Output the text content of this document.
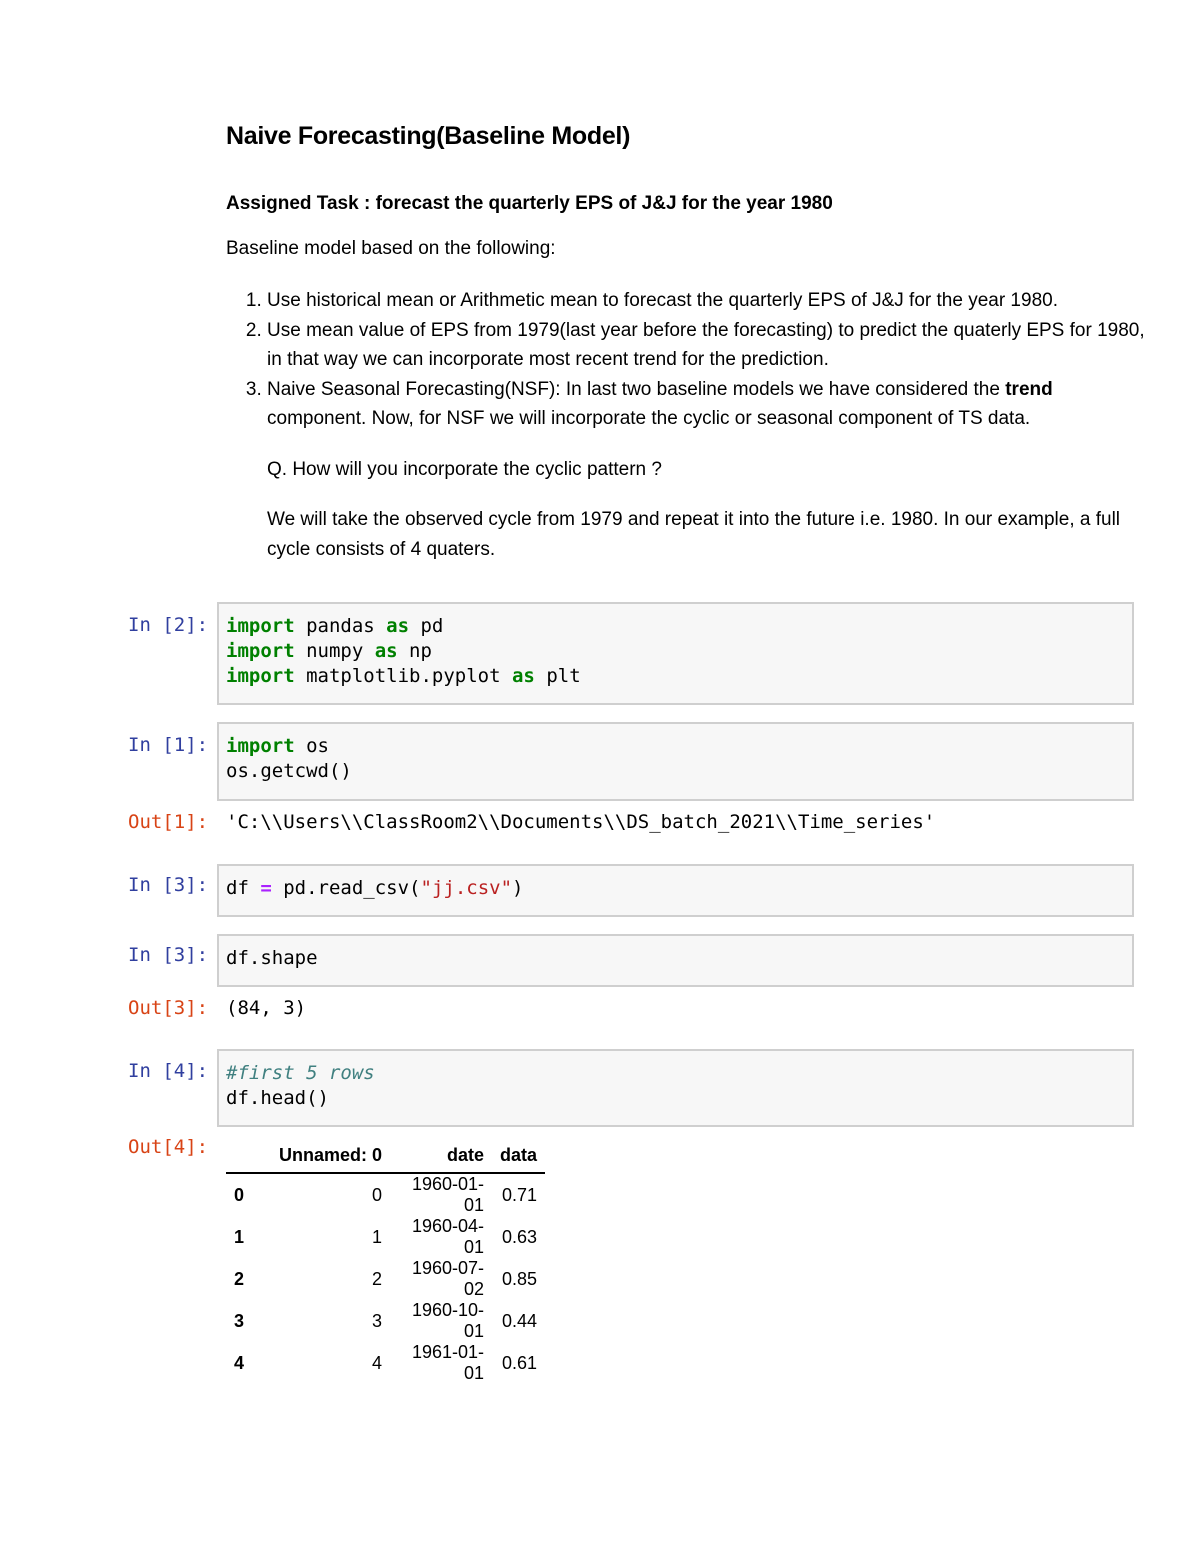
Naive Forecasting(Baseline Model)
Assigned Task : forecast the quarterly EPS of J&J for the year 1980
Baseline model based on the following:
1. Use historical mean or Arithmetic mean to forecast the quarterly EPS of J&J for the year 1980.
2. Use mean value of EPS from 1979(last year before the forecasting) to predict the quaterly EPS for 1980, in that way we can incorporate most recent trend for the prediction.
3. Naive Seasonal Forecasting(NSF): In last two baseline models we have considered the trend component. Now, for NSF we will incorporate the cyclic or seasonal component of TS data.
Q. How will you incorporate the cyclic pattern ?
We will take the observed cycle from 1979 and repeat it into the future i.e. 1980. In our example, a full cycle consists of 4 quaters.
In [2]: import pandas as pd
import numpy as np
import matplotlib.pyplot as plt
In [1]: import os
os.getcwd()
Out[1]: 'C:\\Users\\ClassRoom2\\Documents\\DS_batch_2021\\Time_series'
In [3]: df = pd.read_csv("jj.csv")
In [3]: df.shape
Out[3]: (84, 3)
In [4]: #first 5 rows
df.head()
Out[4]:
		Unnamed: 0	date	data
0	0	1960-01-01	0.71
1	1	1960-04-01	0.63
2	2	1960-07-02	0.85
3	3	1960-10-01	0.44
4	4	1961-01-01	0.61
